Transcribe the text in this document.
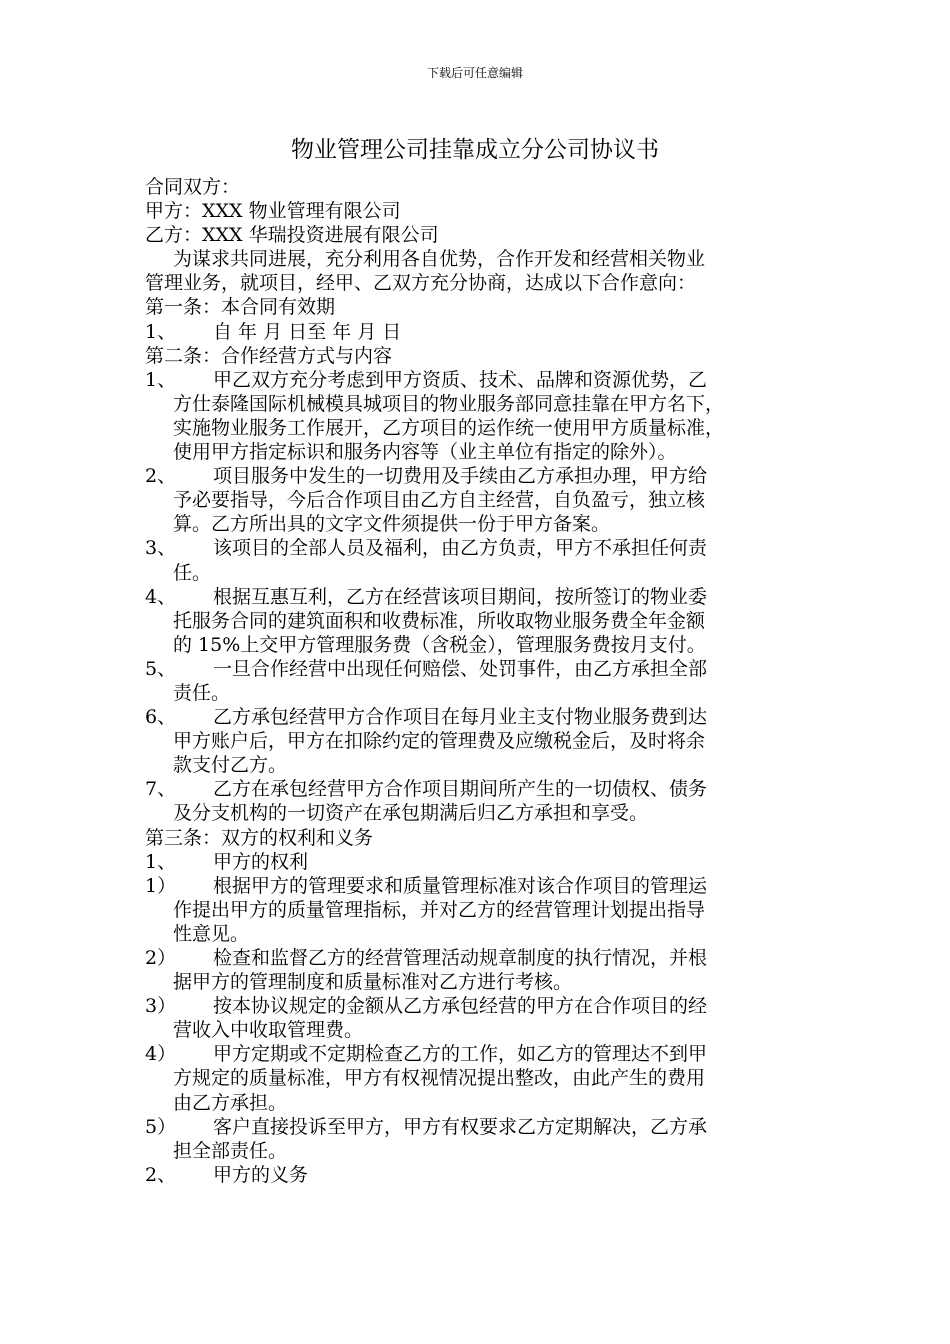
下载后可任意编辑
物业管理公司挂靠成立分公司协议书

合同双方：

甲方：XXX 物业管理有限公司

乙方：XXX 华瑞投资进展有限公司

为谋求共同进展，充分利用各自优势，合作开发和经营相关物业

管理业务，就项目，经甲、乙双方充分协商，达成以下合作意向：

第一条：本合同有效期

1、	自 年 月 日至 年 月 日

第二条：合作经营方式与内容

1、	甲乙双方充分考虑到甲方资质、技术、品牌和资源优势，乙

方仕泰隆国际机械模具城项目的物业服务部同意挂靠在甲方名下，

实施物业服务工作展开，乙方项目的运作统一使用甲方质量标准，

使用甲方指定标识和服务内容等（业主单位有指定的除外）。

2、	项目服务中发生的一切费用及手续由乙方承担办理，甲方给

予必要指导，今后合作项目由乙方自主经营，自负盈亏，独立核

算。乙方所出具的文字文件须提供一份于甲方备案。

3、	该项目的全部人员及福利，由乙方负责，甲方不承担任何责

任。

4、	根据互惠互利，乙方在经营该项目期间，按所签订的物业委

托服务合同的建筑面积和收费标准，所收取物业服务费全年金额

的 15%上交甲方管理服务费（含税金），管理服务费按月支付。

5、	一旦合作经营中出现任何赔偿、处罚事件，由乙方承担全部

责任。

6、	乙方承包经营甲方合作项目在每月业主支付物业服务费到达

甲方账户后，甲方在扣除约定的管理费及应缴税金后，及时将余

款支付乙方。

7、	乙方在承包经营甲方合作项目期间所产生的一切债权、债务

及分支机构的一切资产在承包期满后归乙方承担和享受。

第三条：双方的权利和义务

1、	甲方的权利

1）	根据甲方的管理要求和质量管理标准对该合作项目的管理运

作提出甲方的质量管理指标，并对乙方的经营管理计划提出指导

性意见。

2）	检查和监督乙方的经营管理活动规章制度的执行情况，并根

据甲方的管理制度和质量标准对乙方进行考核。

3）	按本协议规定的金额从乙方承包经营的甲方在合作项目的经

营收入中收取管理费。

4）	甲方定期或不定期检查乙方的工作，如乙方的管理达不到甲

方规定的质量标准，甲方有权视情况提出整改，由此产生的费用

由乙方承担。

5）	客户直接投诉至甲方，甲方有权要求乙方定期解决，乙方承

担全部责任。

2、	甲方的义务
